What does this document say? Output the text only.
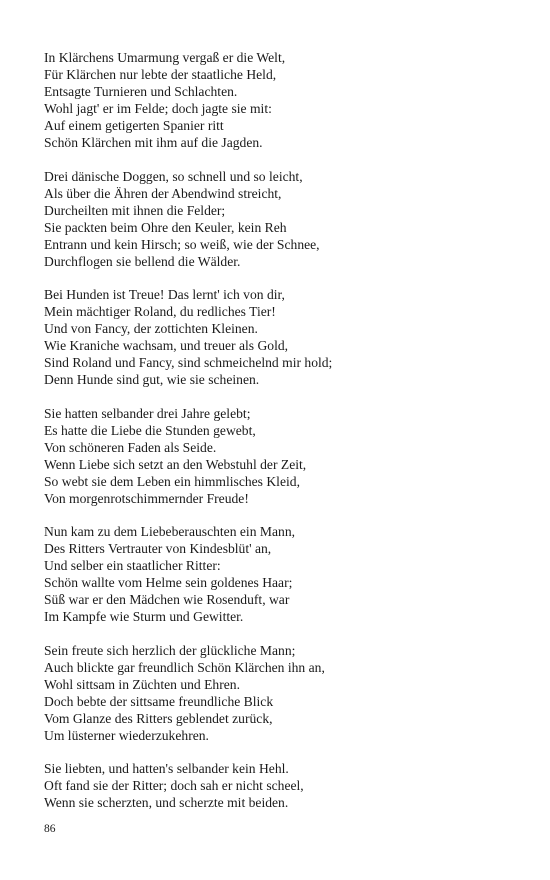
In Klärchens Umarmung vergaß er die Welt,
Für Klärchen nur lebte der staatliche Held,
Entsagte Turnieren und Schlachten.
Wohl jagt' er im Felde; doch jagte sie mit:
Auf einem getigerten Spanier ritt
Schön Klärchen mit ihm auf die Jagden.
Drei dänische Doggen, so schnell und so leicht,
Als über die Ähren der Abendwind streicht,
Durcheilten mit ihnen die Felder;
Sie packten beim Ohre den Keuler, kein Reh
Entrann und kein Hirsch; so weiß, wie der Schnee,
Durchflogen sie bellend die Wälder.
Bei Hunden ist Treue! Das lernt' ich von dir,
Mein mächtiger Roland, du redliches Tier!
Und von Fancy, der zottichten Kleinen.
Wie Kraniche wachsam, und treuer als Gold,
Sind Roland und Fancy, sind schmeichelnd mir hold;
Denn Hunde sind gut, wie sie scheinen.
Sie hatten selbander drei Jahre gelebt;
Es hatte die Liebe die Stunden gewebt,
Von schöneren Faden als Seide.
Wenn Liebe sich setzt an den Webstuhl der Zeit,
So webt sie dem Leben ein himmlisches Kleid,
Von morgenrotschimmernder Freude!
Nun kam zu dem Liebeberauschten ein Mann,
Des Ritters Vertrauter von Kindesblüt' an,
Und selber ein staatlicher Ritter:
Schön wallte vom Helme sein goldenes Haar;
Süß war er den Mädchen wie Rosenduft, war
Im Kampfe wie Sturm und Gewitter.
Sein freute sich herzlich der glückliche Mann;
Auch blickte gar freundlich Schön Klärchen ihn an,
Wohl sittsam in Züchten und Ehren.
Doch bebte der sittsame freundliche Blick
Vom Glanze des Ritters geblendet zurück,
Um lüsterner wiederzukehren.
Sie liebten, und hatten's selbander kein Hehl.
Oft fand sie der Ritter; doch sah er nicht scheel,
Wenn sie scherzten, und scherzte mit beiden.
86
